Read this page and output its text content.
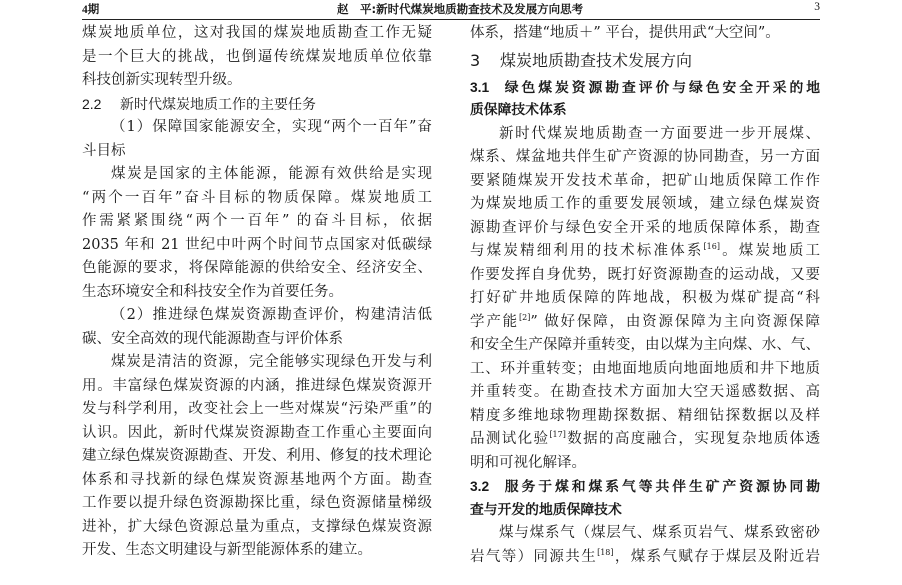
4期	赵　平:新时代煤炭地质勘查技术及发展方向思考	3
煤炭地质单位，这对我国的煤炭地质勘查工作无疑
是一个巨大的挑战，也倒逼传统煤炭地质单位依靠
科技创新实现转型升级。
2.2 新时代煤炭地质工作的主要任务
（1）保障国家能源安全，实现“两个一百年”奋
斗目标
煤炭是国家的主体能源，能源有效供给是实现
“两个一百年”奋斗目标的物质保障。煤炭地质工
作需紧紧围绕“两个一百年” 的奋斗目标，依据
2035 年和 21 世纪中叶两个时间节点国家对低碳绿
色能源的要求，将保障能源的供给安全、经济安全、
生态环境安全和科技安全作为首要任务。
（2）推进绿色煤炭资源勘查评价，构建清洁低
碳、安全高效的现代能源勘查与评价体系
煤炭是清洁的资源，完全能够实现绿色开发与利
用。丰富绿色煤炭资源的内涵，推进绿色煤炭资源开
发与科学利用，改变社会上一些对煤炭“污染严重”的
认识。因此，新时代煤炭资源勘查工作重心主要面向
建立绿色煤炭资源勘查、开发、利用、修复的技术理论
体系和寻找新的绿色煤炭资源基地两个方面。勘查
工作要以提升绿色资源勘探比重，绿色资源储量梯级
进补，扩大绿色资源总量为重点，支撑绿色煤炭资源
开发、生态文明建设与新型能源体系的建立。
体系，搭建“地质＋” 平台，提供用武“大空间”。
3 煤炭地质勘查技术发展方向
3.1 绿色煤炭资源勘查评价与绿色安全开采的地
质保障技术体系
新时代煤炭地质勘查一方面要进一步开展煤、
煤系、煤盆地共伴生矿产资源的协同勘查，另一方面
要紧随煤炭开发技术革命，把矿山地质保障工作作
为煤炭地质工作的重要发展领域，建立绿色煤炭资
源勘查评价与绿色安全开采的地质保障体系，勘查
与煤炭精细利用的技术标准体系[16]。煤炭地质工
作要发挥自身优势，既打好资源勘查的运动战，又要
打好矿井地质保障的阵地战，积极为煤矿提高“科
学产能[2]” 做好保障，由资源保障为主向资源保障
和安全生产保障并重转变，由以煤为主向煤、水、气、
工、环并重转变；由地面地质向地面地质和井下地质
并重转变。在勘查技术方面加大空天遥感数据、高
精度多维地球物理勘探数据、精细钻探数据以及样
品测试化验[17]数据的高度融合，实现复杂地质体透
明和可视化解译。
3.2 服务于煤和煤系气等共伴生矿产资源协同勘
查与开发的地质保障技术
煤与煤系气（煤层气、煤系页岩气、煤系致密砂
岩气等）同源共生[18]，煤系气赋存于煤层及附近岩
